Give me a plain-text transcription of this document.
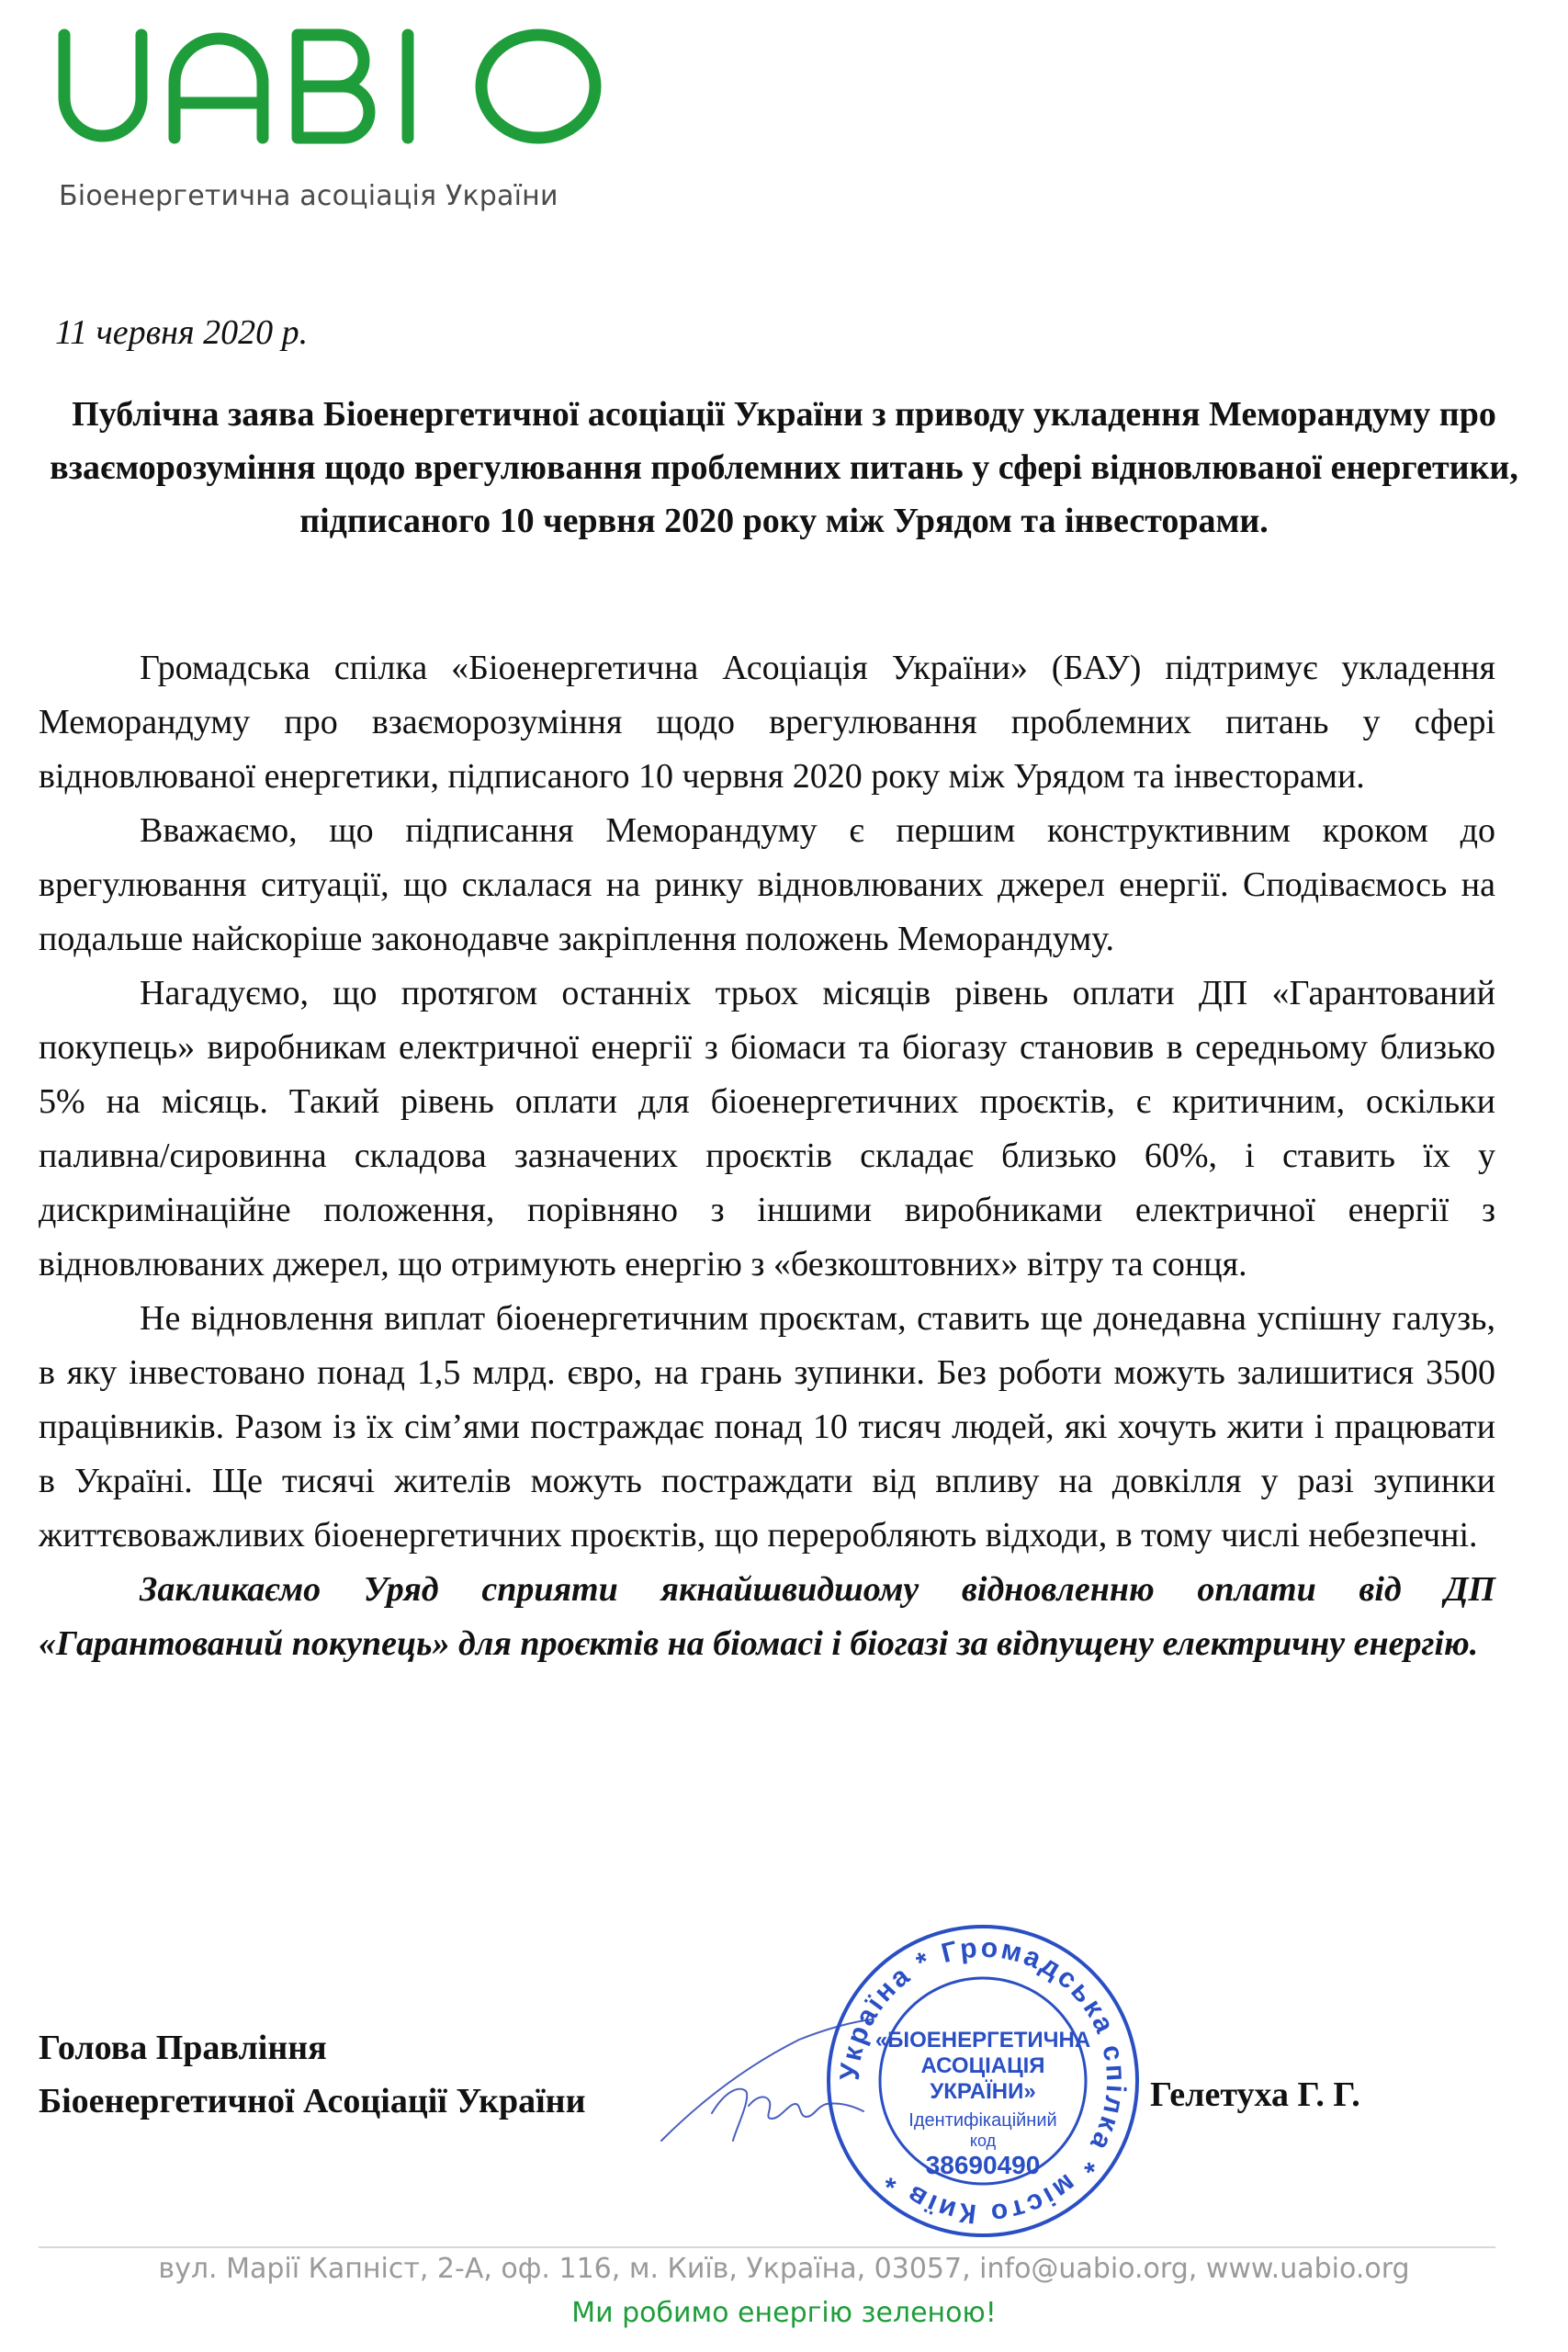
UABIO
Біоенергетична асоціація України
11 червня 2020 р.
Публічна заява Біоенергетичної асоціації України з приводу укладення Меморандуму про взаєморозуміння щодо врегулювання проблемних питань у сфері відновлюваної енергетики, підписаного 10 червня 2020 року між Урядом та інвесторами.

Громадська спілка «Біоенергетична Асоціація України» (БАУ) підтримує укладення Меморандуму про взаєморозуміння щодо врегулювання проблемних питань у сфері відновлюваної енергетики, підписаного 10 червня 2020 року між Урядом та інвесторами.

Вважаємо, що підписання Меморандуму є першим конструктивним кроком до врегулювання ситуації, що склалася на ринку відновлюваних джерел енергії. Сподіваємось на подальше найскоріше законодавче закріплення положень Меморандуму.

Нагадуємо, що протягом останніх трьох місяців рівень оплати ДП «Гарантований покупець» виробникам електричної енергії з біомаси та біогазу становив в середньому близько 5% на місяць. Такий рівень оплати для біоенергетичних проєктів, є критичним, оскільки паливна/сировинна складова зазначених проєктів складає близько 60%, і ставить їх у дискримінаційне положення, порівняно з іншими виробниками електричної енергії з відновлюваних джерел, що отримують енергію з «безкоштовних» вітру та сонця.

Не відновлення виплат біоенергетичним проєктам, ставить ще донедавна успішну галузь, в яку інвестовано понад 1,5 млрд. євро, на грань зупинки. Без роботи можуть залишитися 3500 працівників. Разом із їх сім’ями постраждає понад 10 тисяч людей, які хочуть жити і працювати в Україні. Ще тисячі жителів можуть постраждати від впливу на довкілля у разі зупинки життєвоважливих біоенергетичних проєктів, що переробляють відходи, в тому числі небезпечні.

Закликаємо Уряд сприяти якнайшвидшому відновленню оплати від ДП «Гарантований покупець» для проєктів на біомасі і біогазі за відпущену електричну енергію.

Голова Правління
Біоенергетичної Асоціації України
Україна * Громадська спілка * місто Київ *
«БІОЕНЕРГЕТИЧНА
АСОЦІАЦІЯ
УКРАЇНИ»
Ідентифікаційний
код
38690490
Гелетуха Г. Г.
вул. Марії Капніст, 2-А, оф. 116, м. Київ, Україна, 03057, info@uabio.org, www.uabio.org
Ми робимо енергію зеленою!
